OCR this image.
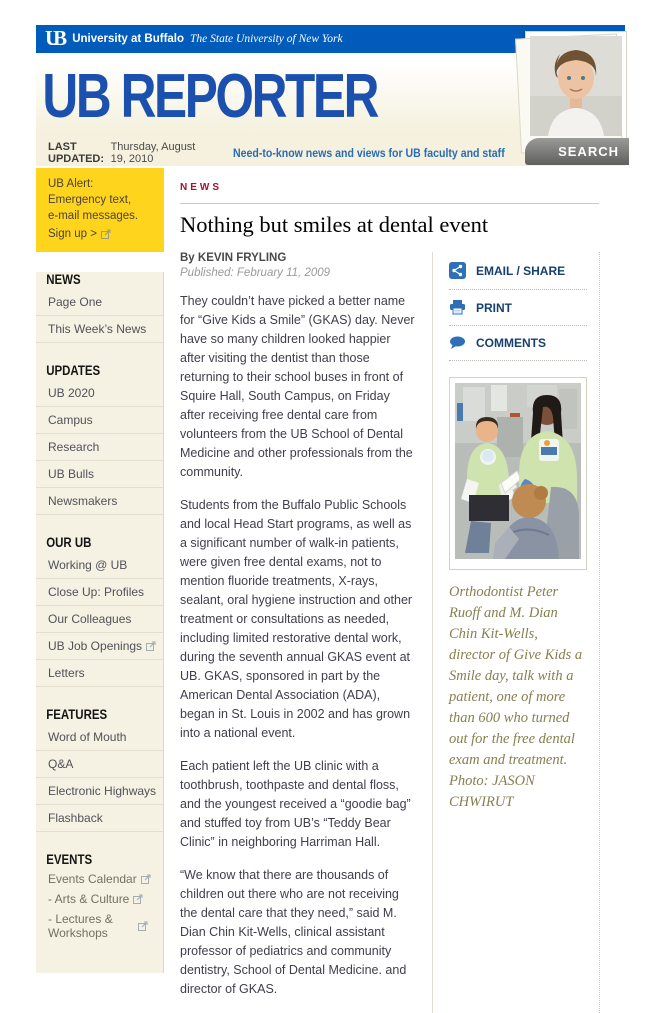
UB University at Buffalo The State University of New York
UB REPORTER
LAST UPDATED:
Thursday, August 19, 2010	Need-to-know news and views for UB faculty and staff	SEARCH
UB Alert:
Emergency text,
e-mail messages.
Sign up >
NEWS
Page One
This Week’s News
UPDATES
UB 2020
Campus
Research
UB Bulls
Newsmakers
OUR UB
Working @ UB
Close Up: Profiles
Our Colleagues
UB Job Openings
Letters
FEATURES
Word of Mouth
Q&A
Electronic Highways
Flashback
EVENTS
Events Calendar
- Arts & Culture
- Lectures & Workshops
NEWS
Nothing but smiles at dental event
By KEVIN FRYLING
Published: February 11, 2009

They couldn’t have picked a better name for “Give Kids a Smile” (GKAS) day. Never have so many children looked happier after visiting the dentist than those returning to their school buses in front of Squire Hall, South Campus, on Friday after receiving free dental care from volunteers from the UB School of Dental Medicine and other professionals from the community.

Students from the Buffalo Public Schools and local Head Start programs, as well as a significant number of walk-in patients, were given free dental exams, not to mention fluoride treatments, X-rays, sealant, oral hygiene instruction and other treatment or consultations as needed, including limited restorative dental work, during the seventh annual GKAS event at UB. GKAS, sponsored in part by the American Dental Association (ADA), began in St. Louis in 2002 and has grown into a national event.

Each patient left the UB clinic with a toothbrush, toothpaste and dental floss, and the youngest received a “goodie bag” and stuffed toy from UB’s “Teddy Bear Clinic” in neighboring Harriman Hall.

“We know that there are thousands of children out there who are not receiving the dental care that they need,” said M. Dian Chin Kit-Wells, clinical assistant professor of pediatrics and community dentistry, School of Dental Medicine. and director of GKAS.

EMAIL / SHARE
PRINT
COMMENTS
Orthodontist Peter Ruoff and M. Dian Chin Kit-Wells, director of Give Kids a Smile day, talk with a patient, one of more than 600 who turned out for the free dental exam and treatment.
Photo: JASON CHWIRUT
